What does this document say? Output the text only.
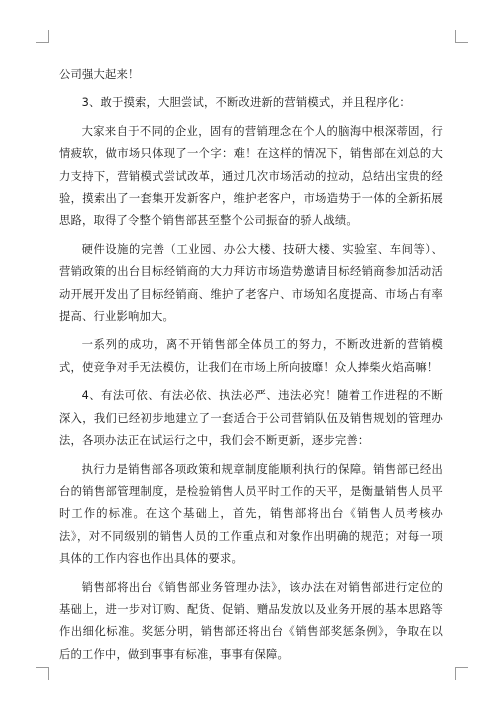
公司强大起来！

3、敢于摸索，大胆尝试，不断改进新的营销模式，并且程序化：

大家来自于不同的企业，固有的营销理念在个人的脑海中根深蒂固，行情疲软，做市场只体现了一个字：难！在这样的情况下，销售部在刘总的大力支持下，营销模式尝试改革，通过几次市场活动的拉动，总结出宝贵的经验，摸索出了一套集开发新客户，维护老客户，市场造势于一体的全新拓展思路，取得了令整个销售部甚至整个公司振奋的骄人战绩。

硬件设施的完善（工业园、办公大楼、技研大楼、实验室、车间等）、营销政策的出台目标经销商的大力拜访市场造势邀请目标经销商参加活动活动开展开发出了目标经销商、维护了老客户、市场知名度提高、市场占有率提高、行业影响加大。

一系列的成功，离不开销售部全体员工的努力，不断改进新的营销模式，使竞争对手无法模仿，让我们在市场上所向披靡！众人捧柴火焰高嘛！

4、有法可依、有法必依、执法必严、违法必究！随着工作进程的不断深入，我们已经初步地建立了一套适合于公司营销队伍及销售规划的管理办法，各项办法正在试运行之中，我们会不断更新，逐步完善：

执行力是销售部各项政策和规章制度能顺利执行的保障。销售部已经出台的销售部管理制度，是检验销售人员平时工作的天平，是衡量销售人员平时工作的标准。在这个基础上，首先，销售部将出台《销售人员考核办法》，对不同级别的销售人员的工作重点和对象作出明确的规范；对每一项具体的工作内容也作出具体的要求。

销售部将出台《销售部业务管理办法》，该办法在对销售部进行定位的基础上，进一步对订购、配货、促销、赠品发放以及业务开展的基本思路等作出细化标准。奖惩分明，销售部还将出台《销售部奖惩条例》，争取在以后的工作中，做到事事有标准，事事有保障。
